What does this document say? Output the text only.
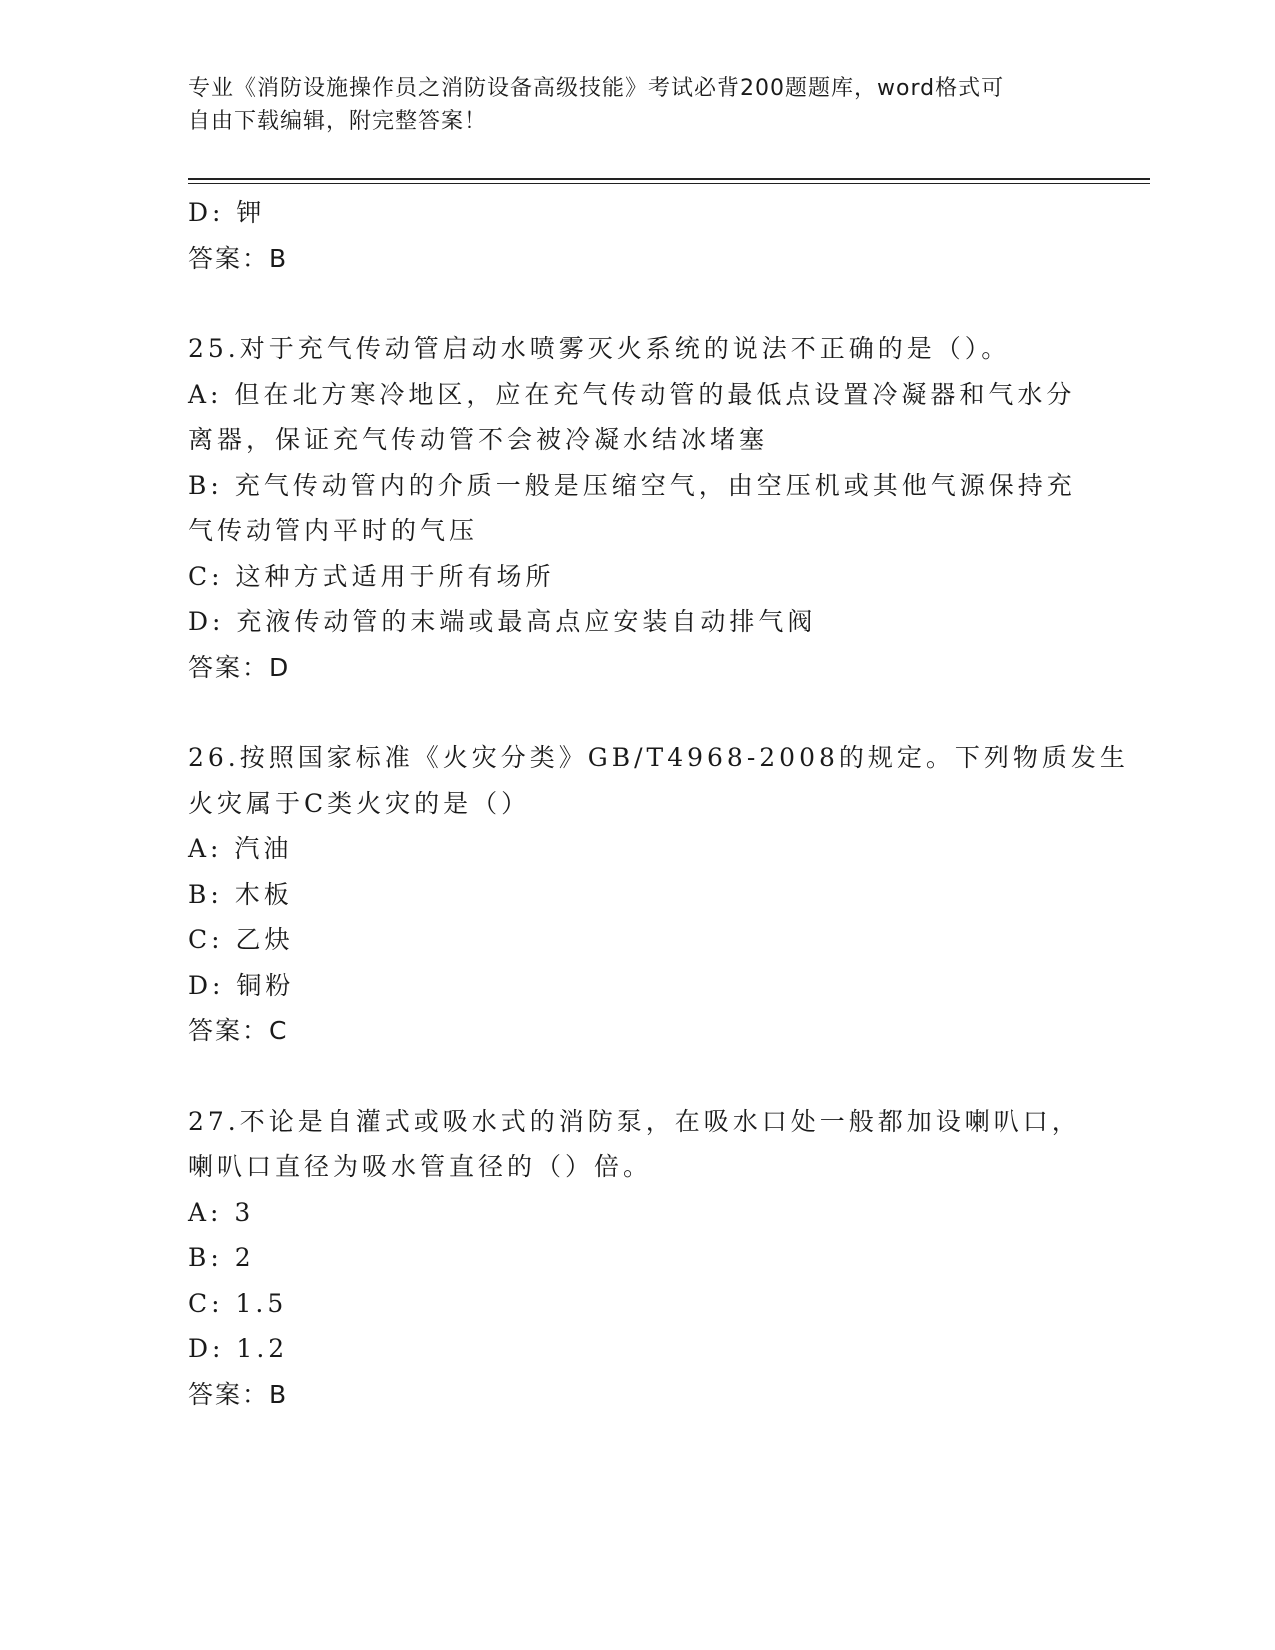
专业《消防设施操作员之消防设备高级技能》考试必背200题题库，word格式可
自由下载编辑，附完整答案！
D: 钾
答案：B
25.对于充气传动管启动水喷雾灭火系统的说法不正确的是（）。
A: 但在北方寒冷地区，应在充气传动管的最低点设置冷凝器和气水分
离器，保证充气传动管不会被冷凝水结冰堵塞
B: 充气传动管内的介质一般是压缩空气，由空压机或其他气源保持充
气传动管内平时的气压
C: 这种方式适用于所有场所
D: 充液传动管的末端或最高点应安装自动排气阀
答案：D
26.按照国家标准《火灾分类》GB/T4968-2008的规定。下列物质发生
火灾属于C类火灾的是（）
A: 汽油
B: 木板
C: 乙炔
D: 铜粉
答案：C
27.不论是自灌式或吸水式的消防泵，在吸水口处一般都加设喇叭口，
喇叭口直径为吸水管直径的（）倍。
A: 3
B: 2
C: 1.5
D: 1.2
答案：B
